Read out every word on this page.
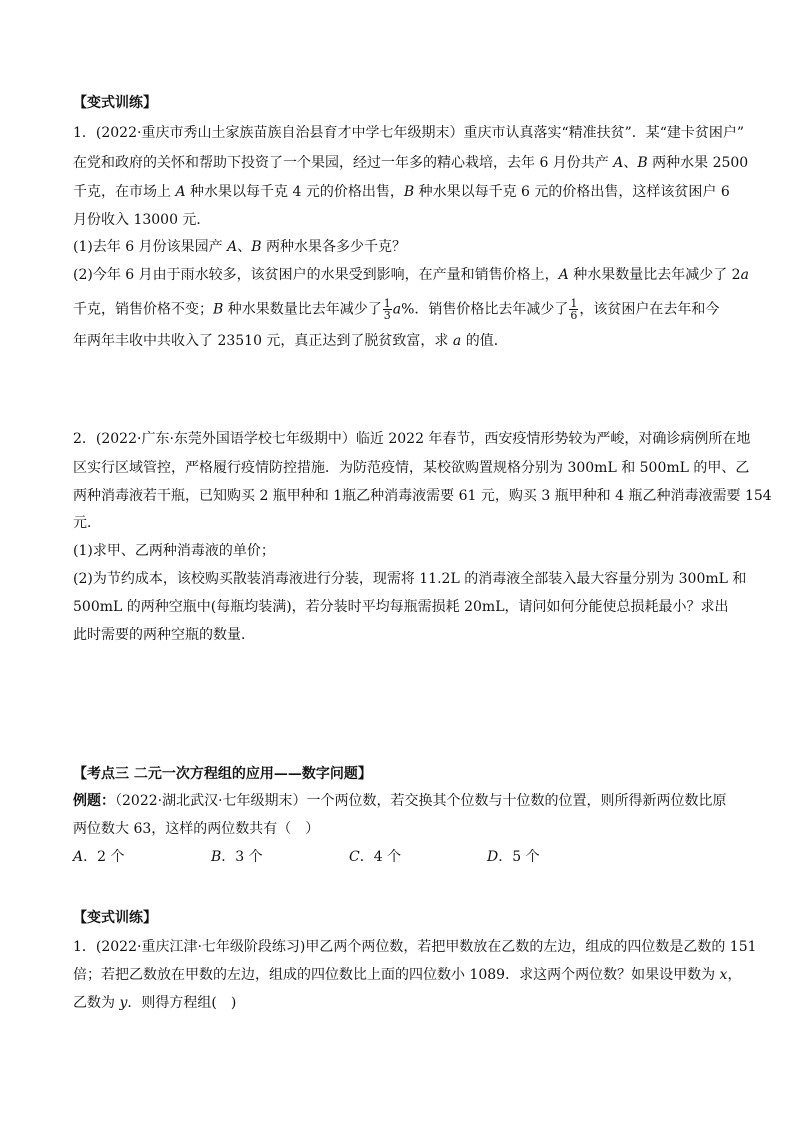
【变式训练】
1．(2022·重庆市秀山土家族苗族自治县育才中学七年级期末）重庆市认真落实“精准扶贫”．某“建卡贫困户”
在党和政府的关怀和帮助下投资了一个果园，经过一年多的精心栽培，去年 6 月份共产 A、B 两种水果 2500
千克，在市场上 A 种水果以每千克 4 元的价格出售，B 种水果以每千克 6 元的价格出售，这样该贫困户 6
月份收入 13000 元．
(1)去年 6 月份该果园产 A、B 两种水果各多少千克？
(2)今年 6 月由于雨水较多，该贫困户的水果受到影响，在产量和销售价格上，A 种水果数量比去年减少了 2a
千克，销售价格不变；B 种水果数量比去年减少了 $\frac{1}{3} a\%$．销售价格比去年减少了 $\frac{1}{6}$ ，该贫困户在去年和今
年两年丰收中共收入了 23510 元，真正达到了脱贫致富，求 a 的值．
2．(2022·广东·东莞外国语学校七年级期中）临近 2022 年春节，西安疫情形势较为严峻，对确诊病例所在地
区实行区域管控，严格履行疫情防控措施．为防范疫情，某校欲购置规格分别为 300mL 和 500mL 的甲、乙
两种消毒液若干瓶，已知购买 2 瓶甲种和 1瓶乙种消毒液需要 61 元，购买 3 瓶甲种和 4 瓶乙种消毒液需要 154
元．
(1)求甲、乙两种消毒液的单价；
(2)为节约成本，该校购买散装消毒液进行分装，现需将 11.2L 的消毒液全部装入最大容量分别为 300mL 和
500mL 的两种空瓶中(每瓶均装满)，若分装时平均每瓶需损耗 20mL，请问如何分能使总损耗最小？求出
此时需要的两种空瓶的数量．
【考点三 二元一次方程组的应用——数字问题】
例题：（2022·湖北武汉·七年级期末）一个两位数，若交换其个位数与十位数的位置，则所得新两位数比原
两位数大 63，这样的两位数共有（　）
A．2 个	B．3 个	C．4 个	D．5 个
【变式训练】
1．(2022·重庆江津·七年级阶段练习)甲乙两个两位数，若把甲数放在乙数的左边，组成的四位数是乙数的 151
倍；若把乙数放在甲数的左边，组成的四位数比上面的四位数小 1089．求这两个两位数？如果设甲数为 x，
乙数为 y．则得方程组(　)
